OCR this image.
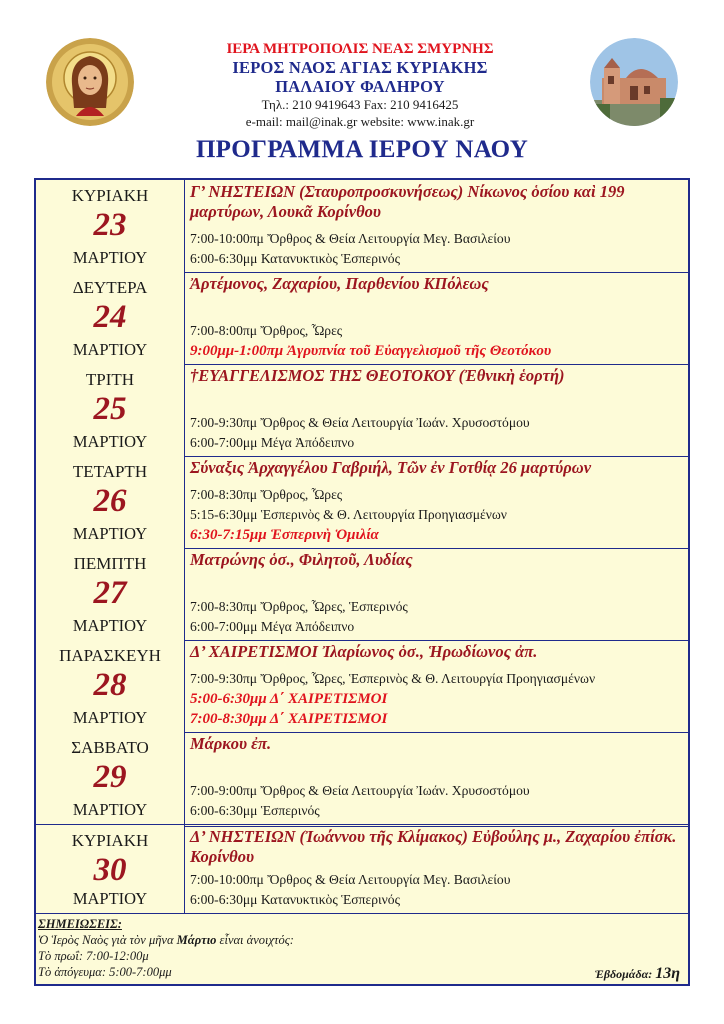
ΙΕΡΑ ΜΗΤΡΟΠΟΛΙΣ ΝΕΑΣ ΣΜΥΡΝΗΣ
ΙΕΡΟΣ ΝΑΟΣ ΑΓΙΑΣ ΚΥΡΙΑΚΗΣ
ΠΑΛΑΙΟΥ ΦΑΛΗΡΟΥ
Τηλ.: 210 9419643 Fax: 210 9416425
e-mail: mail@inak.gr website: www.inak.gr
ΠΡΟΓΡΑΜΜΑ ΙΕΡΟΥ ΝΑΟΥ
ΚΥΡΙΑΚΗ
23
ΜΑΡΤΙΟΥ
Γ’ ΝΗΣΤΕΙΩΝ (Σταυροπροσκυνήσεως) Νίκωνος ὁσίου καὶ 199 μαρτύρων, Λουκᾶ Κορίνθου
7:00-10:00πμ Ὄρθρος & Θεία Λειτουργία Μεγ. Βασιλείου
6:00-6:30μμ Κατανυκτικὸς Ἑσπερινός
ΔΕΥΤΕΡΑ
24
ΜΑΡΤΙΟΥ
Ἀρτέμονος, Ζαχαρίου, Παρθενίου ΚΠόλεως
7:00-8:00πμ Ὄρθρος, Ὧρες
9:00μμ-1:00πμ Ἀγρυπνία τοῦ Εὐαγγελισμοῦ τῆς Θεοτόκου
ΤΡΙΤΗ
25
ΜΑΡΤΙΟΥ
†ΕΥΑΓΓΕΛΙΣΜΟΣ ΤΗΣ ΘΕΟΤΟΚΟΥ (Ἐθνικὴ ἑορτή)
7:00-9:30πμ Ὄρθρος & Θεία Λειτουργία Ἰωάν. Χρυσοστόμου
6:00-7:00μμ Μέγα Ἀπόδειπνο
ΤΕΤΑΡΤΗ
26
ΜΑΡΤΙΟΥ
Σύναξις Ἀρχαγγέλου Γαβριήλ, Τῶν ἐν Γοτθίᾳ 26 μαρτύρων
7:00-8:30πμ Ὄρθρος, Ὧρες
5:15-6:30μμ Ἑσπερινὸς & Θ. Λειτουργία Προηγιασμένων
6:30-7:15μμ Ἑσπερινὴ Ὁμιλία
ΠΕΜΠΤΗ
27
ΜΑΡΤΙΟΥ
Ματρώνης ὁσ., Φιλητοῦ, Λυδίας
7:00-8:30πμ Ὄρθρος, Ὧρες, Ἑσπερινός
6:00-7:00μμ Μέγα Ἀπόδειπνο
ΠΑΡΑΣΚΕΥΗ
28
ΜΑΡΤΙΟΥ
Δ’ ΧΑΙΡΕΤΙΣΜΟΙ Ἰλαρίωνος ὁσ., Ἡρωδίωνος ἀπ.
7:00-9:30πμ Ὄρθρος, Ὧρες, Ἑσπερινὸς & Θ. Λειτουργία Προηγιασμένων
5:00-6:30μμ Δ΄ ΧΑΙΡΕΤΙΣΜΟΙ
7:00-8:30μμ Δ΄ ΧΑΙΡΕΤΙΣΜΟΙ
ΣΑΒΒΑΤΟ
29
ΜΑΡΤΙΟΥ
Μάρκου ἐπ.
7:00-9:00πμ Ὄρθρος & Θεία Λειτουργία Ἰωάν. Χρυσοστόμου
6:00-6:30μμ Ἑσπερινός
ΚΥΡΙΑΚΗ
30
ΜΑΡΤΙΟΥ
Δ’ ΝΗΣΤΕΙΩΝ (Ἰωάννου τῆς Κλίμακος) Εὐβούλης μ., Ζαχαρίου ἐπίσκ. Κορίνθου
7:00-10:00πμ Ὄρθρος & Θεία Λειτουργία Μεγ. Βασιλείου
6:00-6:30μμ Κατανυκτικὸς Ἑσπερινός
ΣΗΜΕΙΩΣΕΙΣ:
Ὁ Ἱερὸς Ναὸς γιὰ τὸν μῆνα Μάρτιο εἶναι ἀνοιχτός:
Τὸ πρωΐ: 7:00-12:00μ
Τὸ ἀπόγευμα: 5:00-7:00μμ	Ἑβδομάδα: 13η
